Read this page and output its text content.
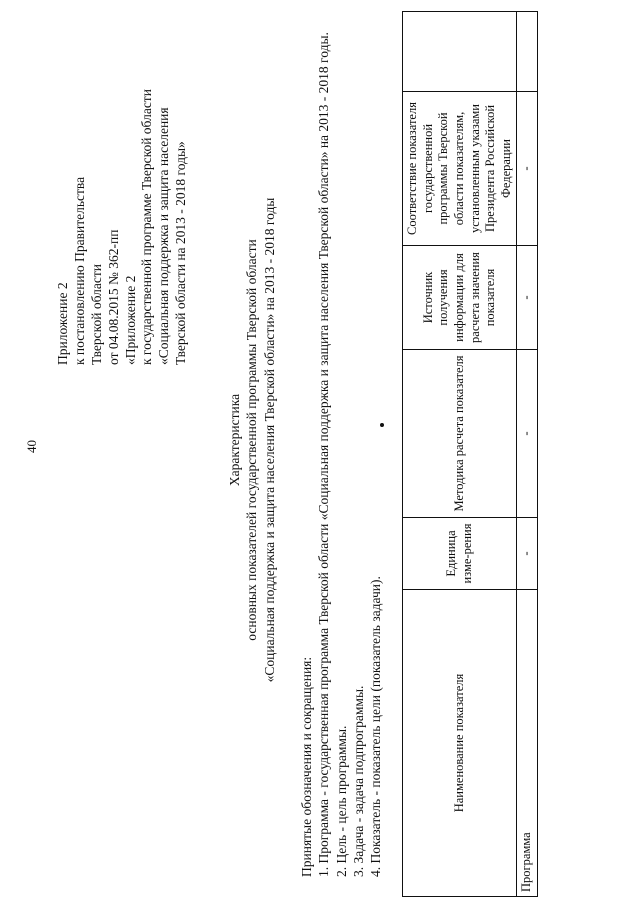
40
Приложение 2 к постановлению Правительства Тверской области от 04.08.2015 № 362-пп «Приложение 2 к государственной программе Тверской области «Социальная поддержка и защита населения Тверской области на 2013 - 2018 годы»
Характеристика основных показателей государственной программы Тверской области «Социальная поддержка и защита населения Тверской области» на 2013 - 2018 годы
Принятые обозначения и сокращения: 1. Программа - государственная программа Тверской области «Социальная поддержка и защита населения Тверской области» на 2013 - 2018 годы. 2. Цель - цель программы. 3. Задача - задача подпрограммы. 4. Показатель - показатель цели (показатель задачи).	Наименование показателя	Единица изме-рения	Методика расчета показателя	Источник получения информации для расчета значения показателя	Соответствие показателя государственной программы Тверской области показателям, установленным указами Президента Российской Федерации	
Программа	-	-	-	-	
